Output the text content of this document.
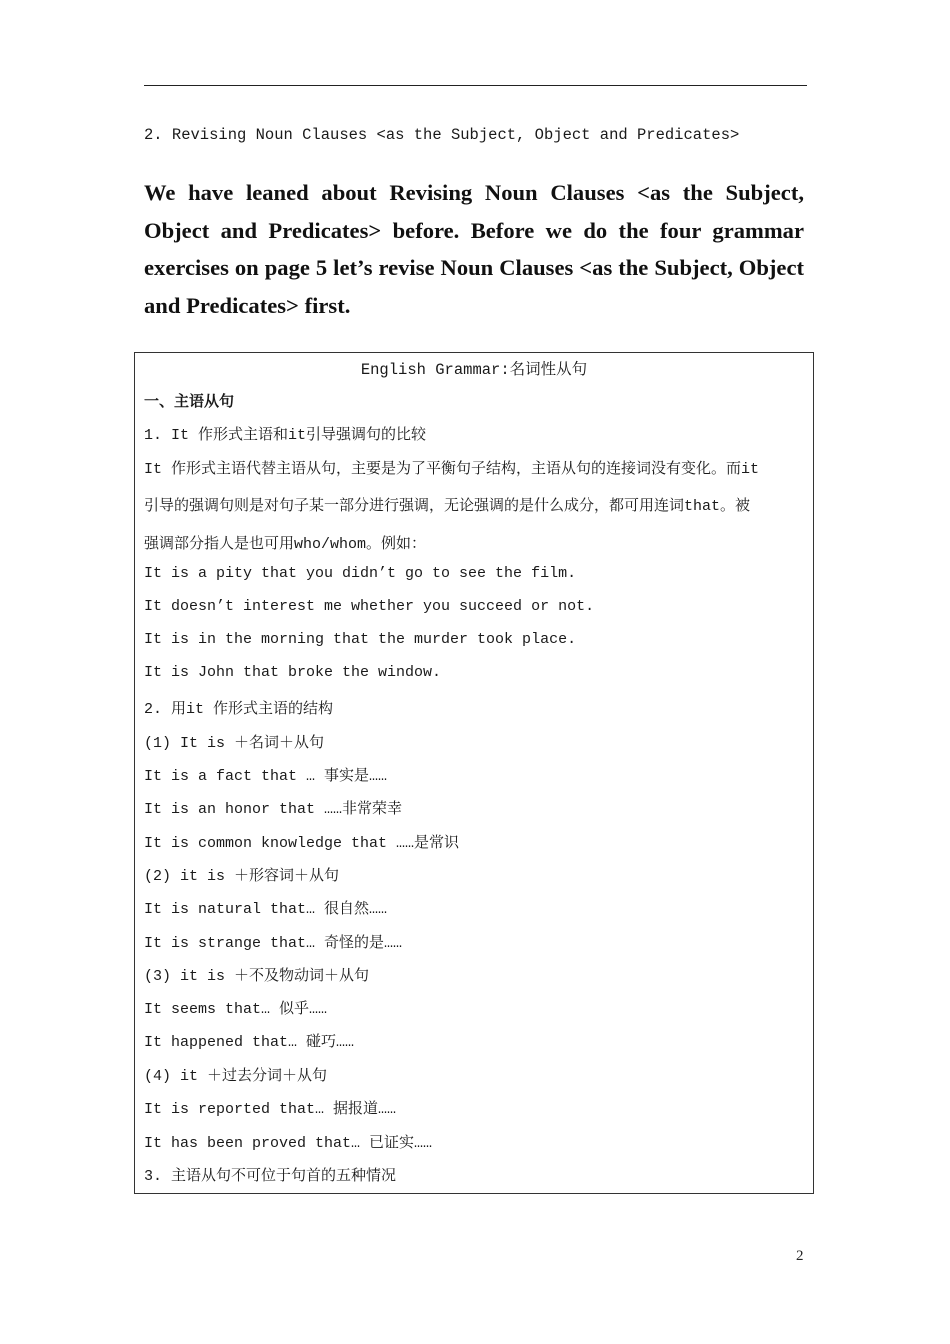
2. Revising Noun Clauses <as the Subject, Object and Predicates>
We have leaned about Revising Noun Clauses <as the Subject, Object and Predicates> before. Before we do the four grammar exercises on page 5 let’s revise Noun Clauses <as the Subject, Object and Predicates> first.
English Grammar:名词性从句
一、主语从句
1. It 作形式主语和it引导强调句的比较
It 作形式主语代替主语从句，主要是为了平衡句子结构，主语从句的连接词没有变化。而it
引导的强调句则是对句子某一部分进行强调，无论强调的是什么成分，都可用连词that。被
强调部分指人是也可用who/whom。例如：
It is a pity that you didn’t go to see the film.
It doesn’t interest me whether you succeed or not.
It is in the morning that the murder took place.
It is John that broke the window.
2. 用it 作形式主语的结构
(1) It is ＋名词＋从句
It is a fact that … 事实是……
It is an honor that ……非常荣幸
It is common knowledge that ……是常识
(2) it is ＋形容词＋从句
It is natural that… 很自然……
It is strange that… 奇怪的是……
(3) it is ＋不及物动词＋从句
It seems that… 似乎……
It happened that… 碰巧……
(4) it ＋过去分词＋从句
It is reported that… 据报道……
It has been proved that… 已证实……
3. 主语从句不可位于句首的五种情况
2
